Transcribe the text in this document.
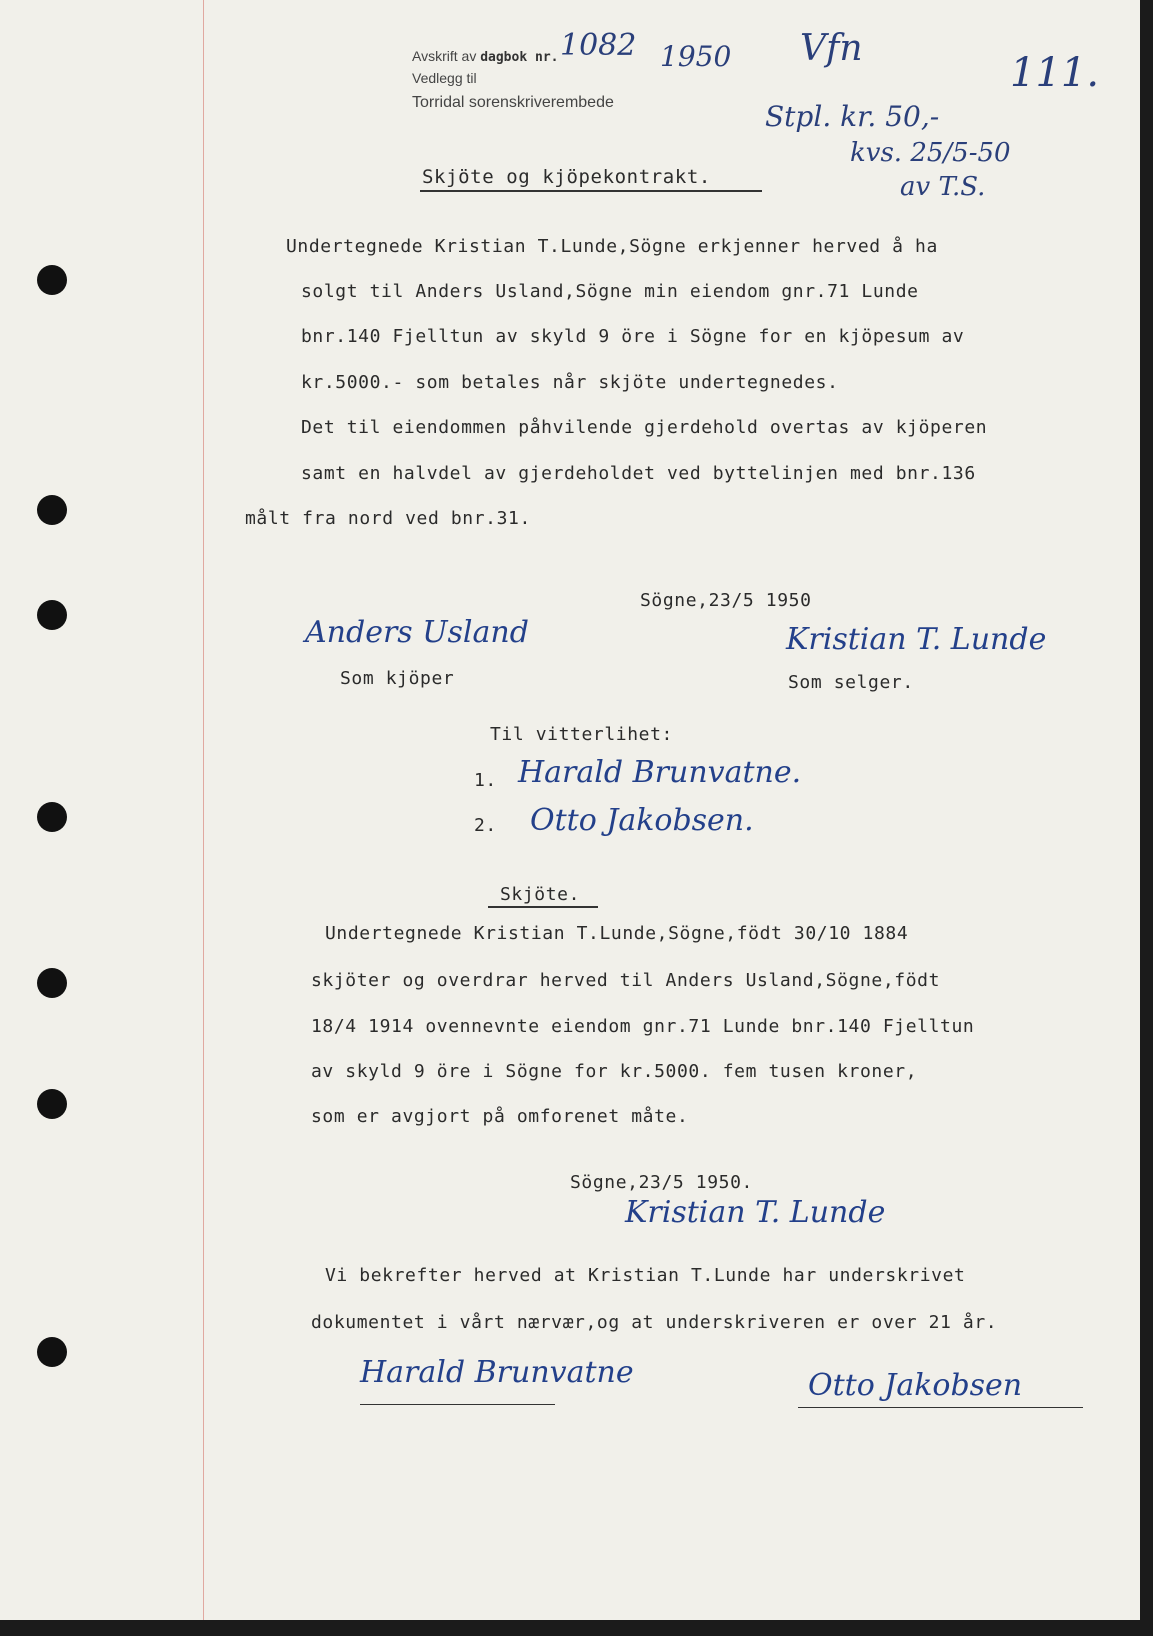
Avskrift av dagbok nr. 1082 1950
Vedlegg til
Torridal sorenskriverembede
Vfn
111.
Stpl. kr. 50,-
kvs. 25/5-50
av T.S.
Skjöte og kjöpekontrakt.
Undertegnede Kristian T.Lunde,Sögne erkjenner herved å ha
solgt til Anders Usland,Sögne min eiendom gnr.71 Lunde
bnr.140 Fjelltun av skyld 9 öre i Sögne for en kjöpesum av
kr.5000.- som betales når skjöte undertegnedes.
Det til eiendommen påhvilende gjerdehold overtas av kjöperen
samt en halvdel av gjerdeholdet ved byttelinjen med bnr.136
målt fra nord ved bnr.31.
Sögne,23/5 1950
Anders Usland	Kristian T. Lunde
Som kjöper	Som selger.
Til vitterlihet:
1. Harald Brunvatne.
2. Otto Jakobsen.
Skjöte.
Undertegnede Kristian T.Lunde,Sögne,födt 30/10 1884
skjöter og overdrar herved til Anders Usland,Sögne,födt
18/4 1914 ovennevnte eiendom gnr.71 Lunde bnr.140 Fjelltun
av skyld 9 öre i Sögne for kr.5000. fem tusen kroner,
som er avgjort på omforenet måte.
Sögne,23/5 1950.
Kristian T. Lunde
Vi bekrefter herved at Kristian T.Lunde har underskrivet
dokumentet i vårt nærvær,og at underskriveren er over 21 år.
Harald Brunvatne	Otto Jakobsen
